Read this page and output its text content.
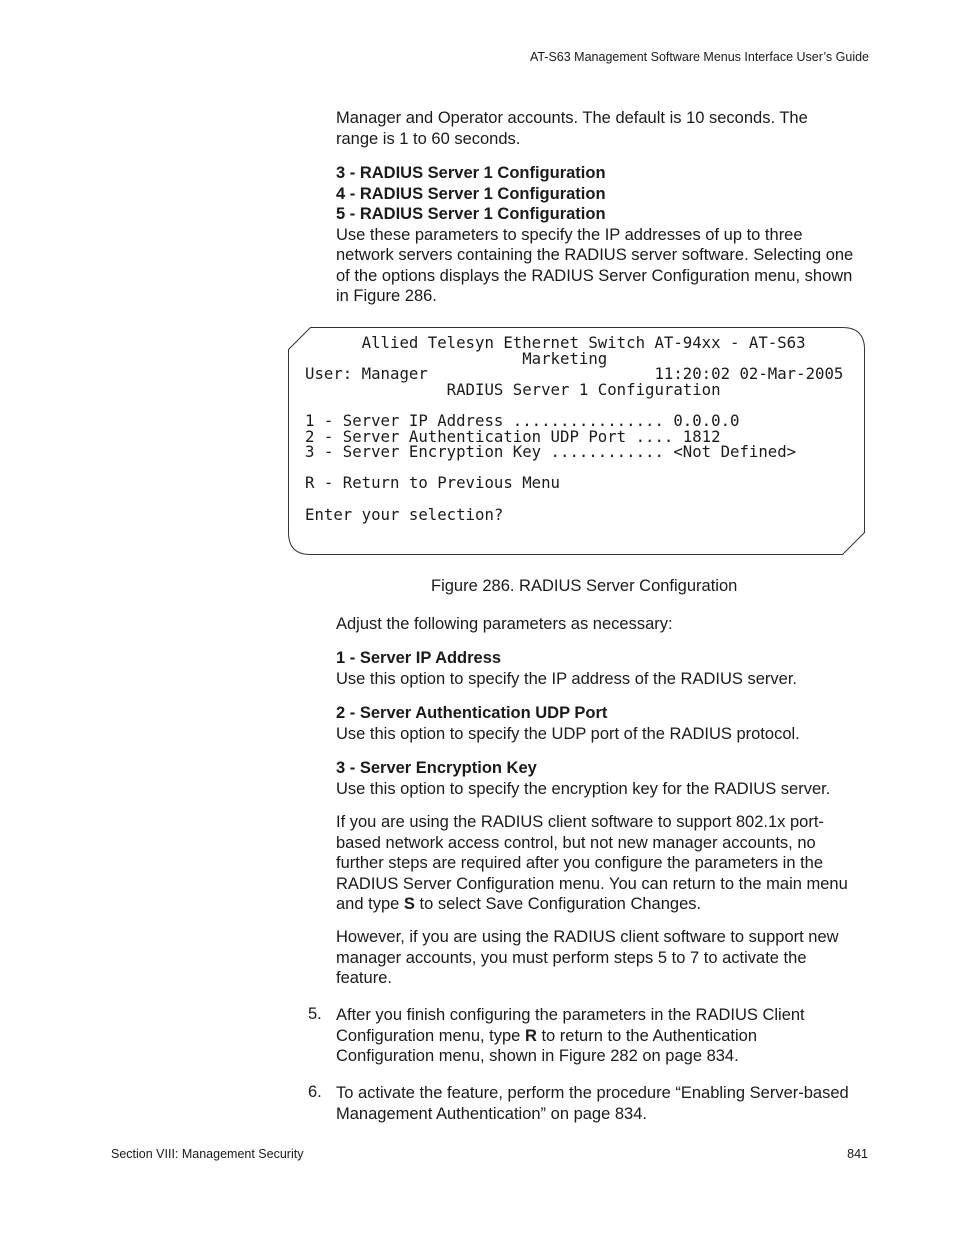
AT-S63 Management Software Menus Interface User’s Guide

Manager and Operator accounts. The default is 10 seconds. The

range is 1 to 60 seconds.

3 - RADIUS Server 1 Configuration

4 - RADIUS Server 1 Configuration

5 - RADIUS Server 1 Configuration

Use these parameters to specify the IP addresses of up to three

network servers containing the RADIUS server software. Selecting one

of the options displays the RADIUS Server Configuration menu, shown

in Figure 286.

Allied Telesyn Ethernet Switch AT-94xx - AT-S63
Marketing
User: Manager                        11:20:02 02-Mar-2005
RADIUS Server 1 Configuration

1 - Server IP Address ................ 0.0.0.0
2 - Server Authentication UDP Port .... 1812
3 - Server Encryption Key ............ <Not Defined>

R - Return to Previous Menu

Enter your selection?
Figure 286. RADIUS Server Configuration
Adjust the following parameters as necessary:

1 - Server IP Address

Use this option to specify the IP address of the RADIUS server.

2 - Server Authentication UDP Port

Use this option to specify the UDP port of the RADIUS protocol.

3 - Server Encryption Key

Use this option to specify the encryption key for the RADIUS server.

If you are using the RADIUS client software to support 802.1x port-

based network access control, but not new manager accounts, no

further steps are required after you configure the parameters in the

RADIUS Server Configuration menu. You can return to the main menu

and type S to select Save Configuration Changes.

However, if you are using the RADIUS client software to support new

manager accounts, you must perform steps 5 to 7 to activate the

feature.

5. After you finish configuring the parameters in the RADIUS Client

Configuration menu, type R to return to the Authentication

Configuration menu, shown in Figure 282 on page 834.

6. To activate the feature, perform the procedure “Enabling Server-based

Management Authentication” on page 834.

Section VIII: Management Security	841
